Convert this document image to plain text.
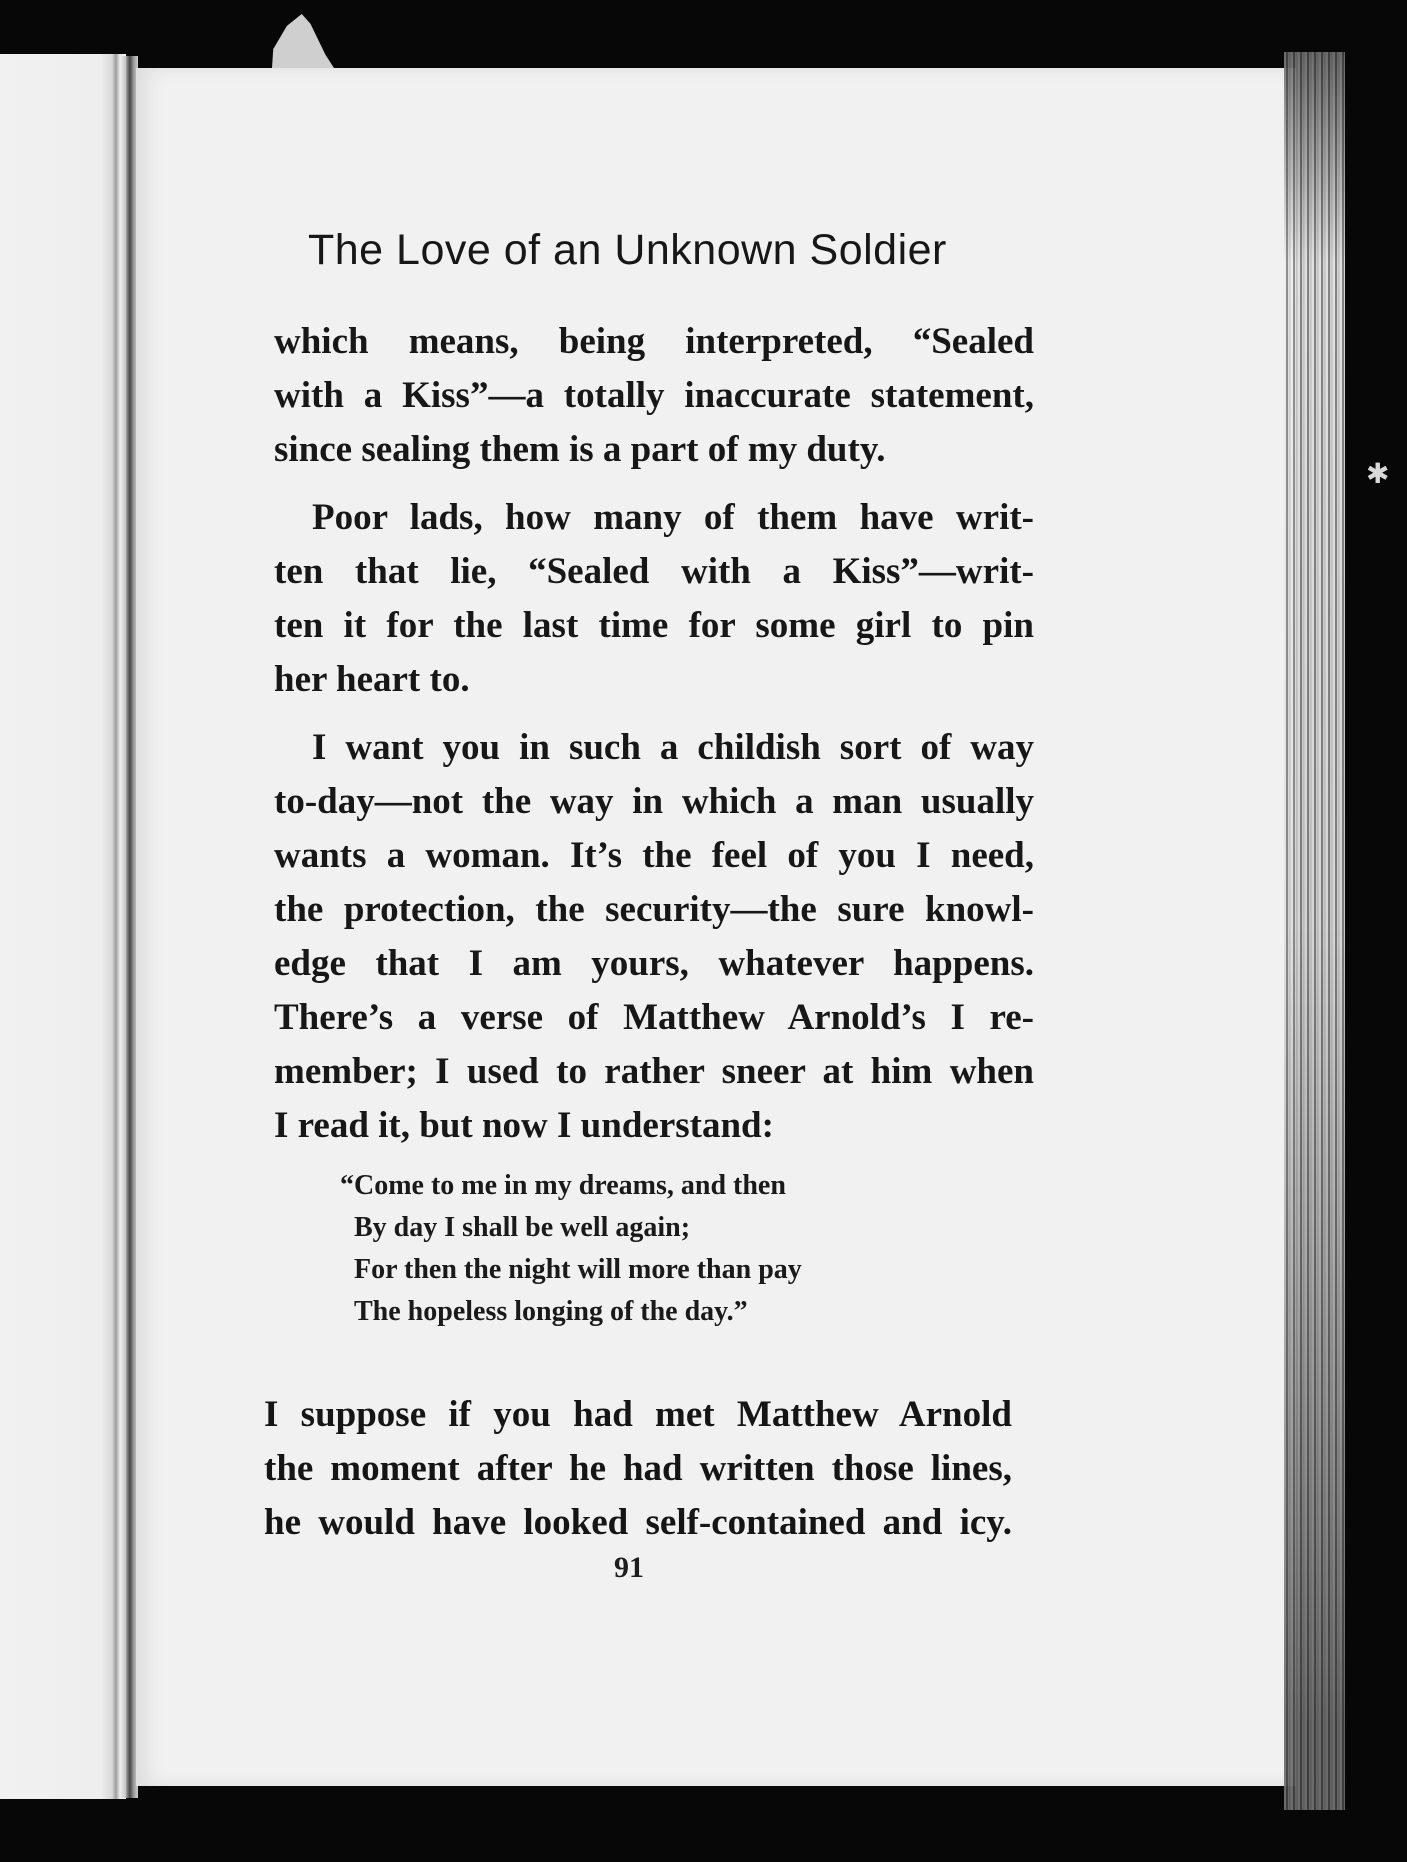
✱
The Love of an Unknown Soldier
which means, being interpreted, “Sealed
with a Kiss”—a totally inaccurate statement,
since sealing them is a part of my duty.
Poor lads, how many of them have writ-
ten that lie, “Sealed with a Kiss”—writ-
ten it for the last time for some girl to pin
her heart to.
I want you in such a childish sort of way
to-day—not the way in which a man usually
wants a woman. It’s the feel of you I need,
the protection, the security—the sure knowl-
edge that I am yours, whatever happens.
There’s a verse of Matthew Arnold’s I re-
member; I used to rather sneer at him when
I read it, but now I understand:
“Come to me in my dreams, and then
By day I shall be well again;
For then the night will more than pay
The hopeless longing of the day.”
I suppose if you had met Matthew Arnold
the moment after he had written those lines,
he would have looked self-contained and icy.

91
